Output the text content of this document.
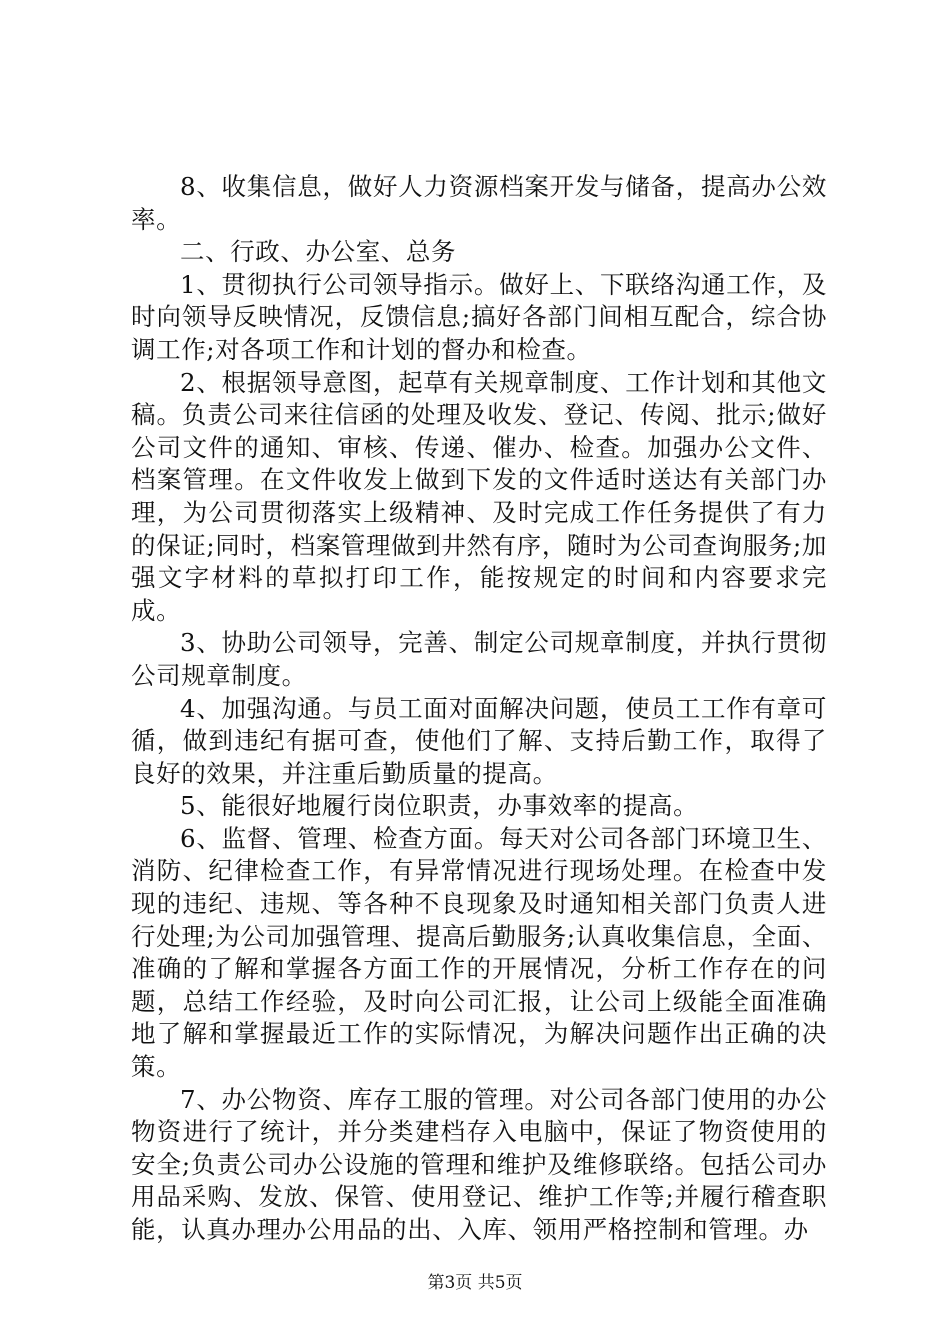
8、收集信息，做好人力资源档案开发与储备，提高办公效率。

二、行政、办公室、总务

1、贯彻执行公司领导指示。做好上、下联络沟通工作，及时向领导反映情况，反馈信息;搞好各部门间相互配合，综合协调工作;对各项工作和计划的督办和检查。

2、根据领导意图，起草有关规章制度、工作计划和其他文稿。负责公司来往信函的处理及收发、登记、传阅、批示;做好公司文件的通知、审核、传递、催办、检查。加强办公文件、档案管理。在文件收发上做到下发的文件适时送达有关部门办理，为公司贯彻落实上级精神、及时完成工作任务提供了有力的保证;同时，档案管理做到井然有序，随时为公司查询服务;加强文字材料的草拟打印工作，能按规定的时间和内容要求完成。

3、协助公司领导，完善、制定公司规章制度，并执行贯彻公司规章制度。

4、加强沟通。与员工面对面解决问题，使员工工作有章可循，做到违纪有据可查，使他们了解、支持后勤工作，取得了良好的效果，并注重后勤质量的提高。

5、能很好地履行岗位职责，办事效率的提高。

6、监督、管理、检查方面。每天对公司各部门环境卫生、消防、纪律检查工作，有异常情况进行现场处理。在检查中发现的违纪、违规、等各种不良现象及时通知相关部门负责人进行处理;为公司加强管理、提高后勤服务;认真收集信息，全面、准确的了解和掌握各方面工作的开展情况，分析工作存在的问题，总结工作经验，及时向公司汇报，让公司上级能全面准确地了解和掌握最近工作的实际情况，为解决问题作出正确的决策。

7、办公物资、库存工服的管理。对公司各部门使用的办公物资进行了统计，并分类建档存入电脑中，保证了物资使用的安全;负责公司办公设施的管理和维护及维修联络。包括公司办用品采购、发放、保管、使用登记、维护工作等;并履行稽查职能，认真办理办公用品的出、入库、领用严格控制和管理。办

第3页 共5页
